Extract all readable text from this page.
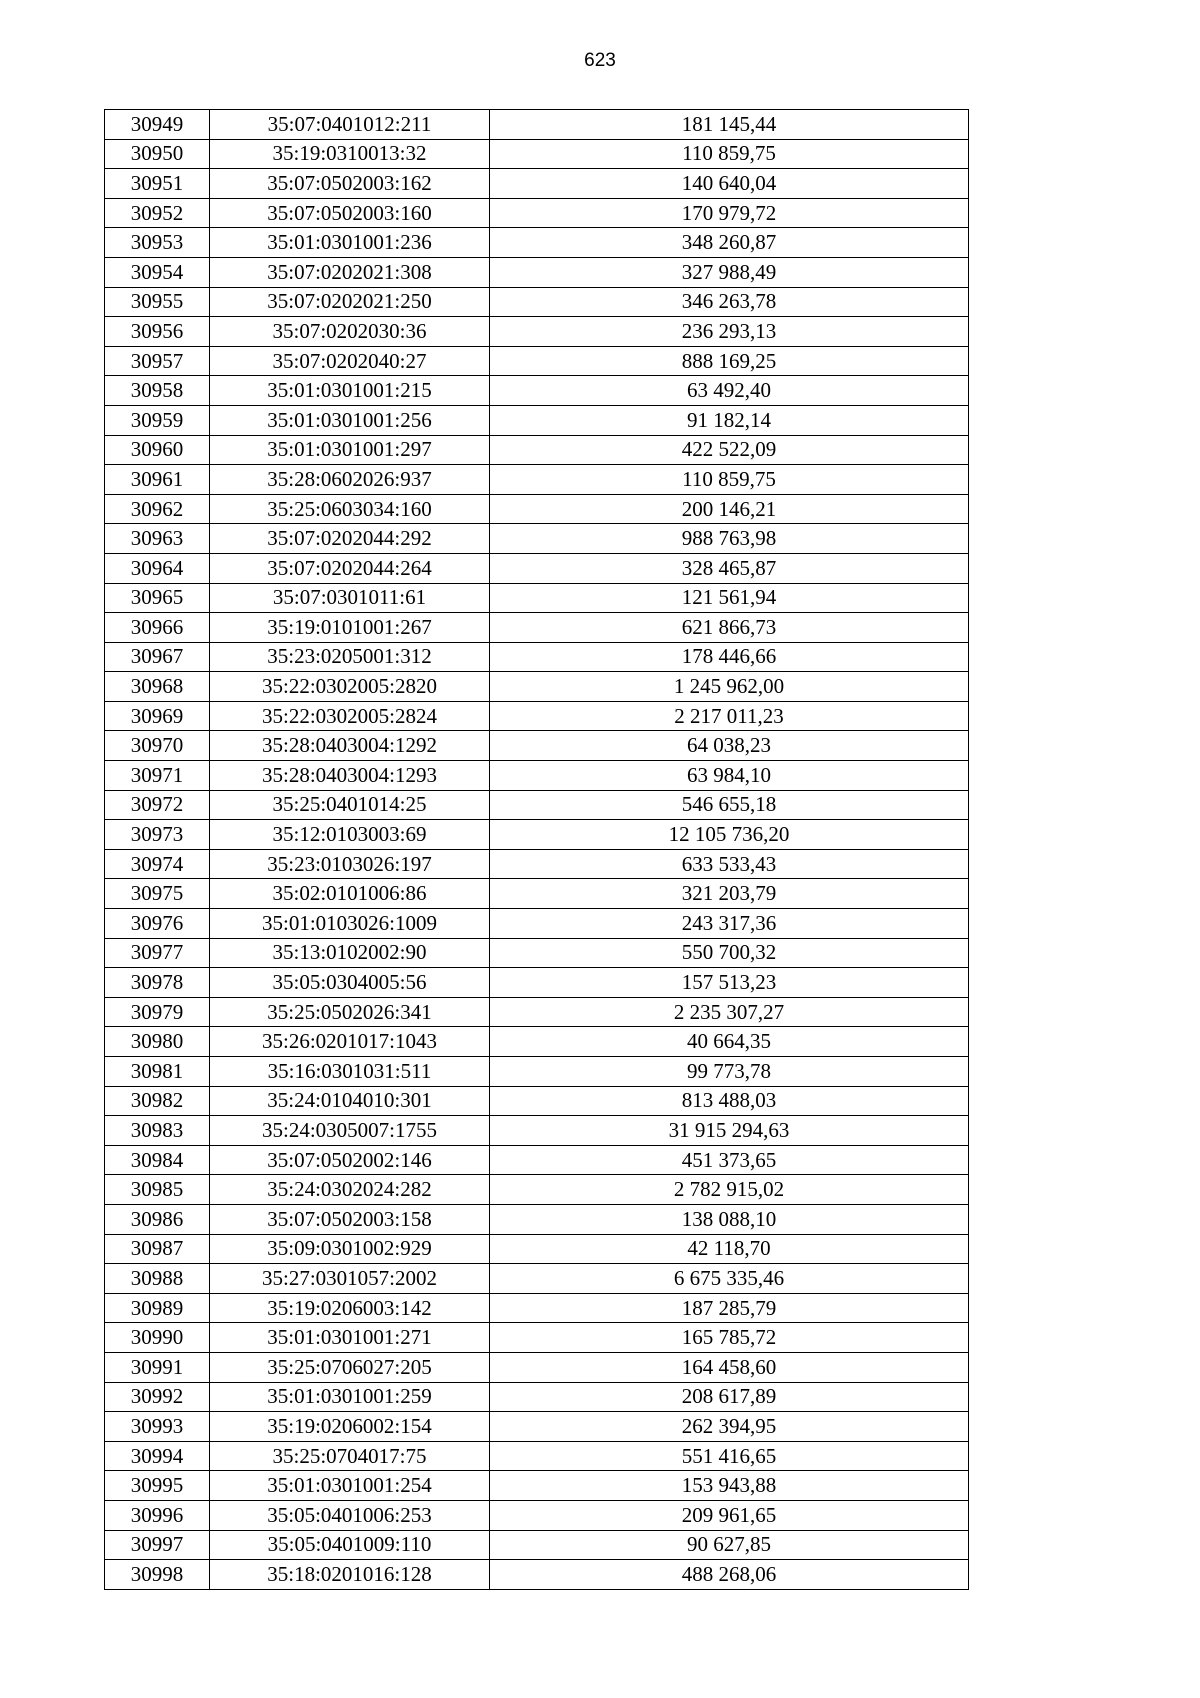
623
30949	35:07:0401012:211	181 145,44
30950	35:19:0310013:32	110 859,75
30951	35:07:0502003:162	140 640,04
30952	35:07:0502003:160	170 979,72
30953	35:01:0301001:236	348 260,87
30954	35:07:0202021:308	327 988,49
30955	35:07:0202021:250	346 263,78
30956	35:07:0202030:36	236 293,13
30957	35:07:0202040:27	888 169,25
30958	35:01:0301001:215	63 492,40
30959	35:01:0301001:256	91 182,14
30960	35:01:0301001:297	422 522,09
30961	35:28:0602026:937	110 859,75
30962	35:25:0603034:160	200 146,21
30963	35:07:0202044:292	988 763,98
30964	35:07:0202044:264	328 465,87
30965	35:07:0301011:61	121 561,94
30966	35:19:0101001:267	621 866,73
30967	35:23:0205001:312	178 446,66
30968	35:22:0302005:2820	1 245 962,00
30969	35:22:0302005:2824	2 217 011,23
30970	35:28:0403004:1292	64 038,23
30971	35:28:0403004:1293	63 984,10
30972	35:25:0401014:25	546 655,18
30973	35:12:0103003:69	12 105 736,20
30974	35:23:0103026:197	633 533,43
30975	35:02:0101006:86	321 203,79
30976	35:01:0103026:1009	243 317,36
30977	35:13:0102002:90	550 700,32
30978	35:05:0304005:56	157 513,23
30979	35:25:0502026:341	2 235 307,27
30980	35:26:0201017:1043	40 664,35
30981	35:16:0301031:511	99 773,78
30982	35:24:0104010:301	813 488,03
30983	35:24:0305007:1755	31 915 294,63
30984	35:07:0502002:146	451 373,65
30985	35:24:0302024:282	2 782 915,02
30986	35:07:0502003:158	138 088,10
30987	35:09:0301002:929	42 118,70
30988	35:27:0301057:2002	6 675 335,46
30989	35:19:0206003:142	187 285,79
30990	35:01:0301001:271	165 785,72
30991	35:25:0706027:205	164 458,60
30992	35:01:0301001:259	208 617,89
30993	35:19:0206002:154	262 394,95
30994	35:25:0704017:75	551 416,65
30995	35:01:0301001:254	153 943,88
30996	35:05:0401006:253	209 961,65
30997	35:05:0401009:110	90 627,85
30998	35:18:0201016:128	488 268,06
